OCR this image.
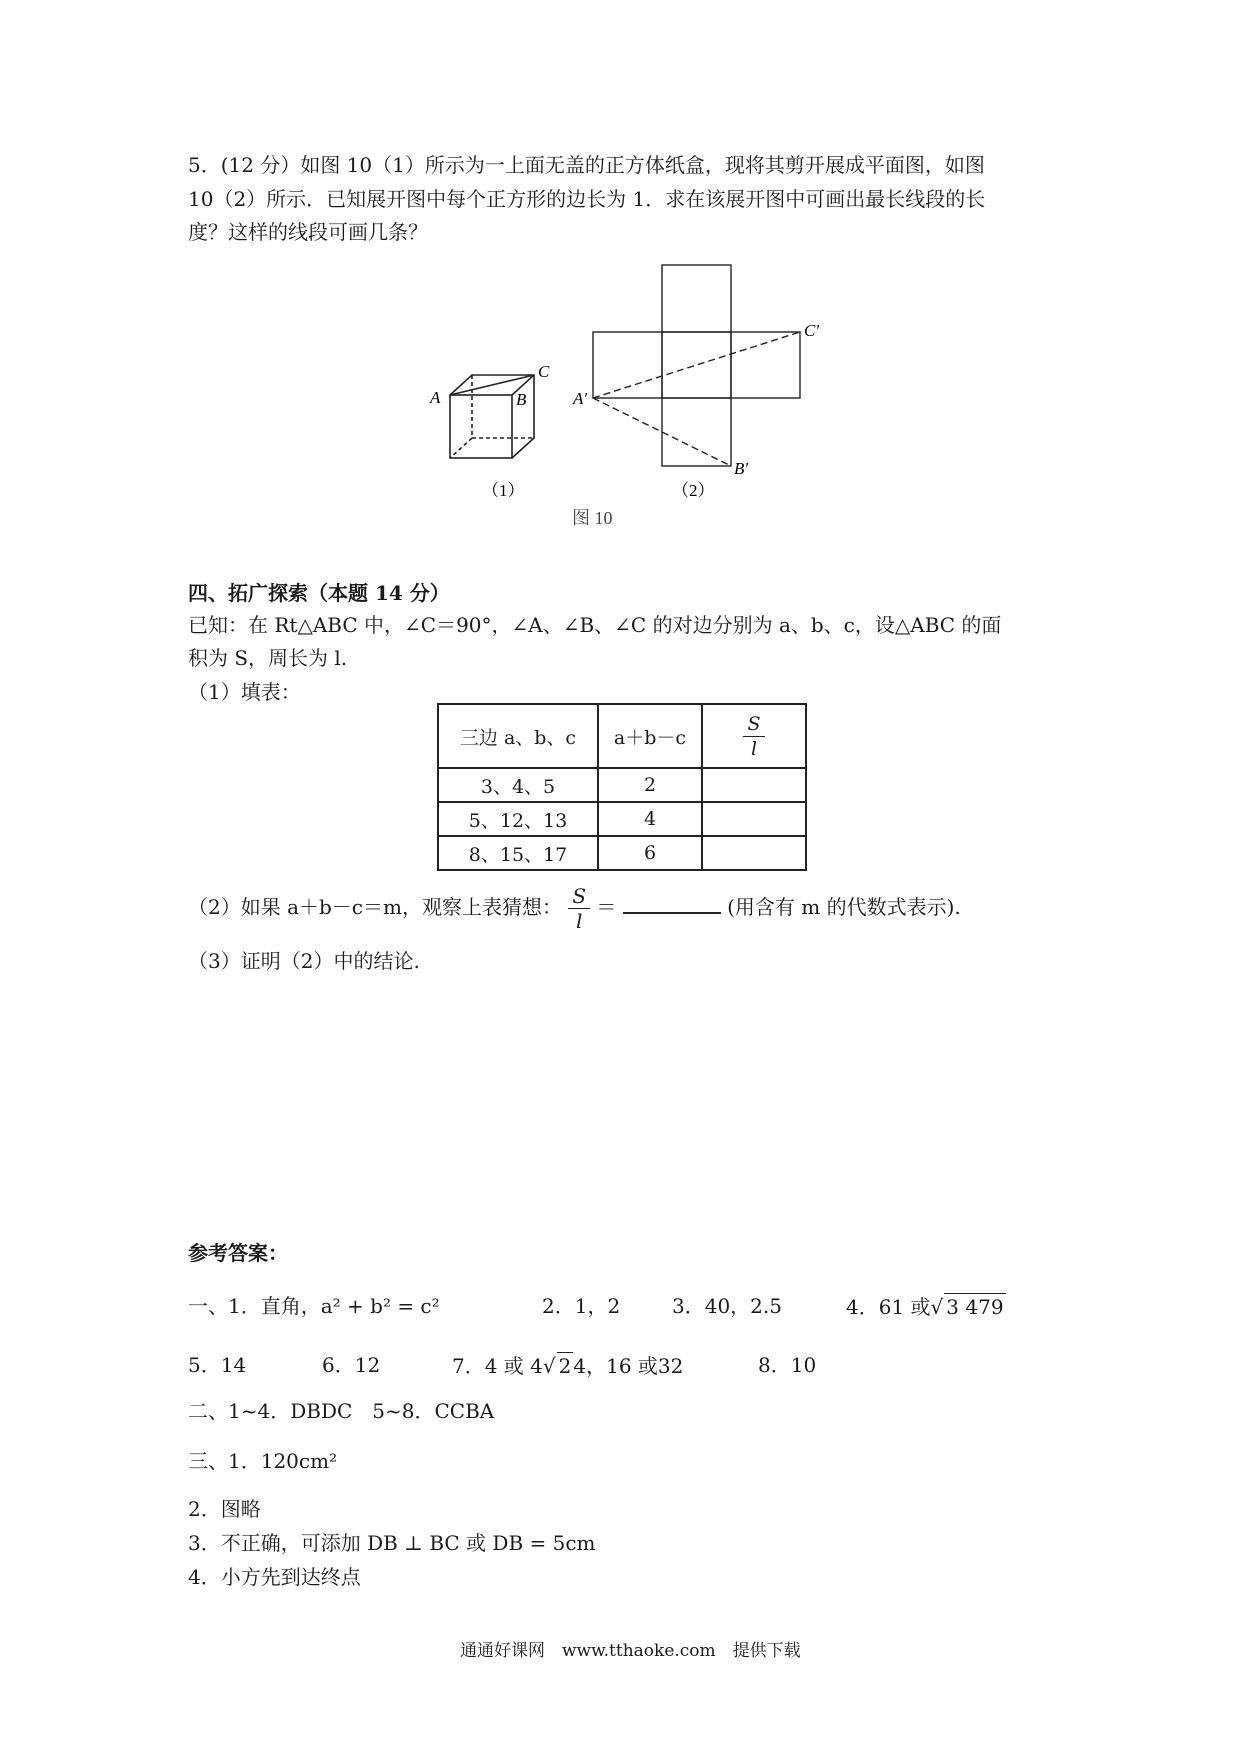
5．(12 分）如图 10（1）所示为一上面无盖的正方体纸盒，现将其剪开展成平面图，如图
10（2）所示．已知展开图中每个正方形的边长为 1．求在该展开图中可画出最长线段的长
度？这样的线段可画几条？
A	B
C
（1）
A′
C′
B′
（2）
图 10
四、拓广探索（本题 14 分）
已知：在 Rt△ABC 中，∠C＝90°，∠A、∠B、∠C 的对边分别为 a、b、c，设△ABC 的面
积为 S，周长为 l.
（1）填表：
三边 a、b、c	a＋b－c	$\frac{S}{l}$

3、4、5	2	
5、12、13	4	
8、15、17	6	
（2）如果 a＋b－c＝m，观察上表猜想： $\frac{S}{l}$ ＝	(用含有 m 的代数式表示).
（3）证明（2）中的结论.
参考答案：
一、1．直角，a² + b² = c²	2．1，2	3．40，2.5	4．61 或√ 3 479
5．14	6．12	7．4 或 4√ 2 4，16 或32	8．10
二、1~4．DBDC　5~8．CCBA
三、1．120cm²
2．图略
3．不正确，可添加 DB ⊥ BC 或 DB = 5cm
4．小方先到达终点
通通好课网　www.tthaoke.com　提供下载
